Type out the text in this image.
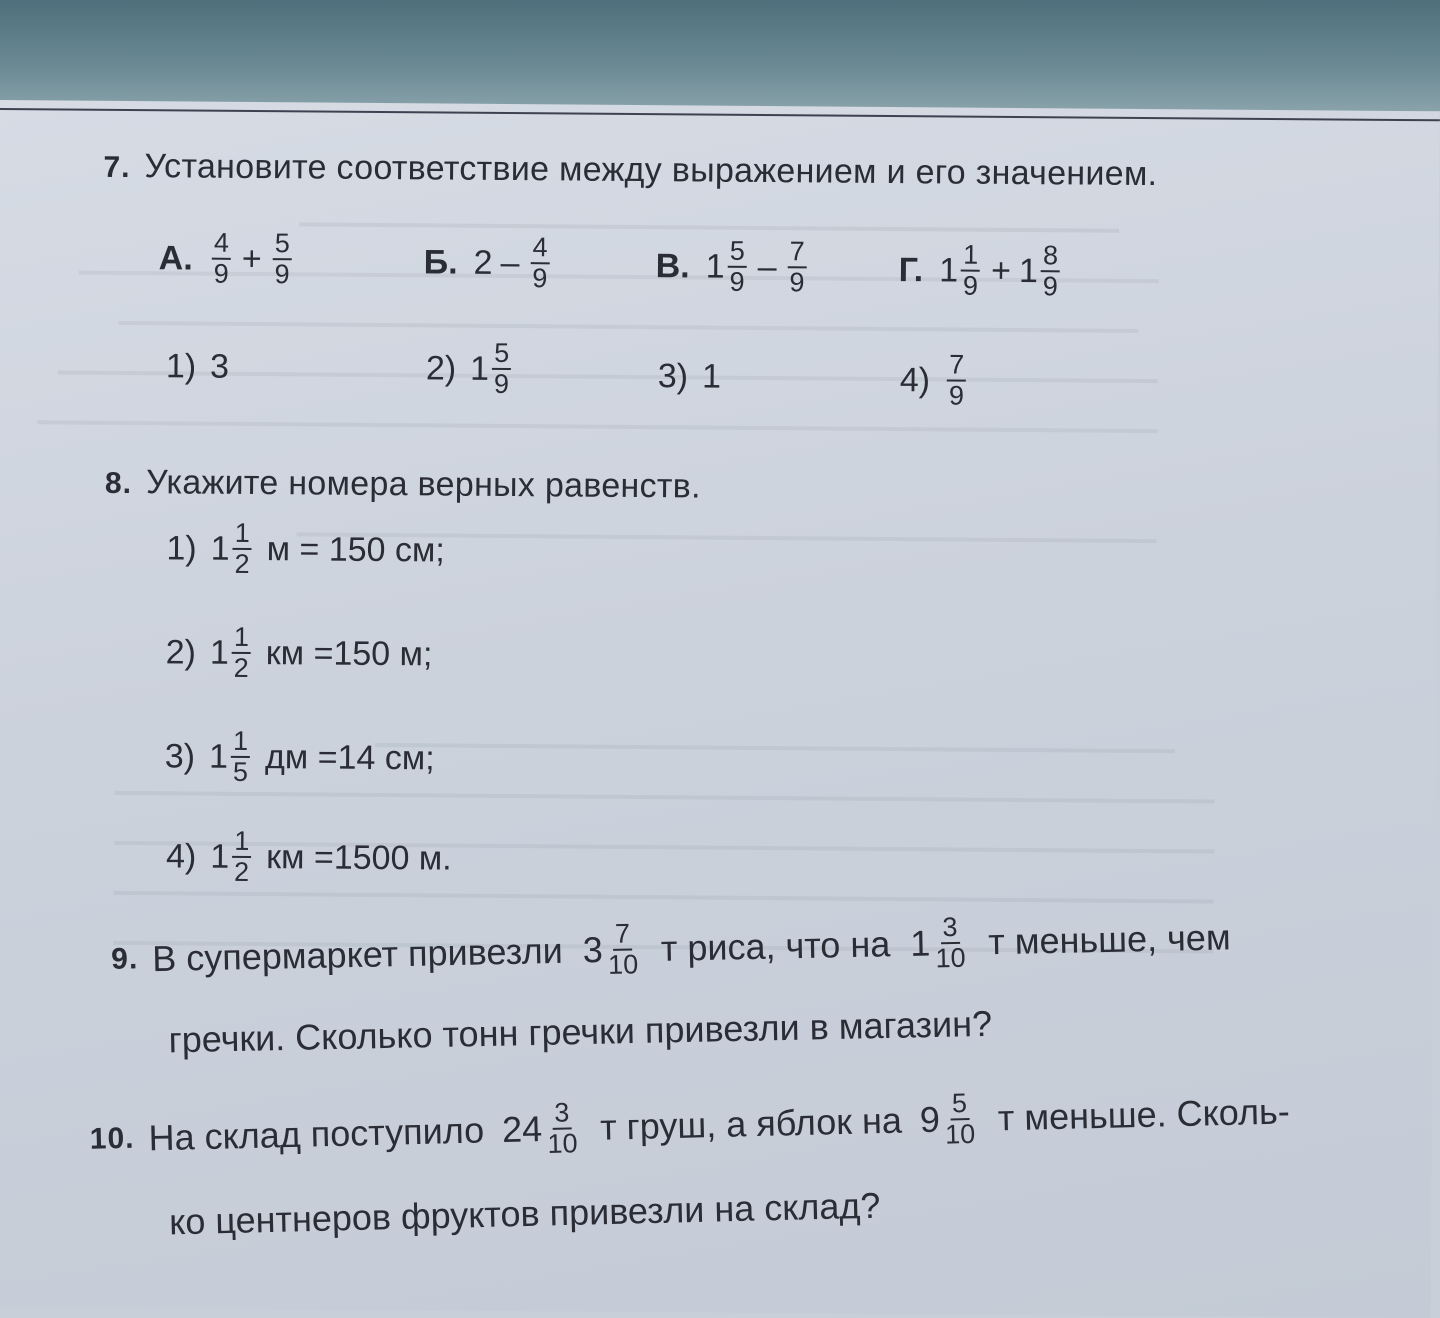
7. Установите соответствие между выражением и его значением.
А. $\frac{4}{9} + \frac{5}{9}$	Б. $2 - \frac{4}{9}$	В. $1 \frac{5}{9} - \frac{7}{9}$	Г. $1 \frac{1}{9} + 1 \frac{8}{9}$
1) 3	2) $1 \frac{5}{9}$	3) 1	$4) \frac{7}{9}$
8. Укажите номера верных равенств.
1) $1 \frac{1}{2}$ м = 150 см;
2) $1 \frac{1}{2}$ км =150 м;
3) $1 \frac{1}{5}$ дм =14 см;
4) $1 \frac{1}{2}$ км =1500 м.
9. В супермаркет привезли $3 \frac{7}{10}$ т риса, что на $1 \frac{3}{10}$ т меньше, чем
гречки. Сколько тонн гречки привезли в магазин?
10. На склад поступило $24 \frac{3}{10}$ т груш, а яблок на $9 \frac{5}{10}$ т меньше. Сколь-
ко центнеров фруктов привезли на склад?
